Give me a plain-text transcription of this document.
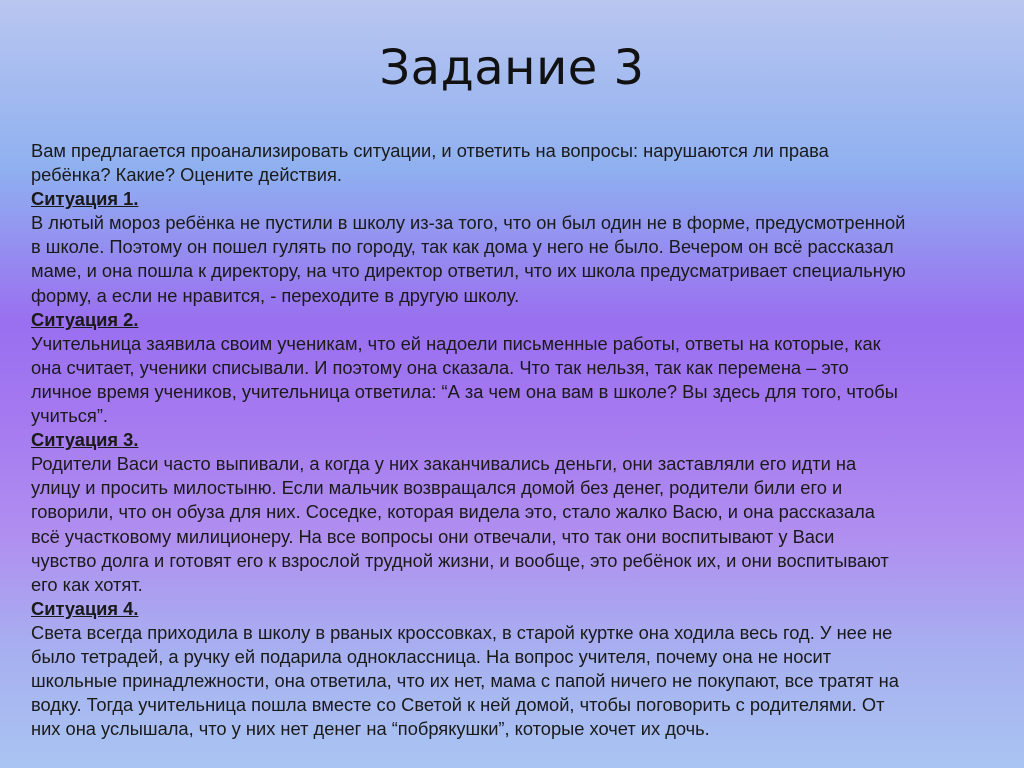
Задание 3

Вам предлагается проанализировать ситуации, и ответить на вопросы: нарушаются ли права

ребёнка? Какие? Оцените действия.

Ситуация 1.

В лютый мороз ребёнка не пустили в школу из-за того, что он был один не в форме, предусмотренной

в школе. Поэтому он пошел гулять по городу, так как дома у него не было. Вечером он всё рассказал

маме, и она пошла к директору, на что директор ответил, что их школа предусматривает специальную

форму, а если не нравится, - переходите в другую школу.

Ситуация 2.

Учительница заявила своим ученикам, что ей надоели письменные работы, ответы на которые, как

она считает, ученики списывали. И поэтому она сказала. Что так нельзя, так как перемена – это

личное время учеников, учительница ответила: “А за чем она вам в школе? Вы здесь для того, чтобы

учиться”.

Ситуация 3.

Родители Васи часто выпивали, а когда у них заканчивались деньги, они заставляли его идти на

улицу и просить милостыню. Если мальчик возвращался домой без денег, родители били его и

говорили, что он обуза для них. Соседке, которая видела это, стало жалко Васю, и она рассказала

всё участковому милиционеру. На все вопросы они отвечали, что так они воспитывают у Васи

чувство долга и готовят его к взрослой трудной жизни, и вообще, это ребёнок их, и они воспитывают

его как хотят.

Ситуация 4.

Света всегда приходила в школу в рваных кроссовках, в старой куртке она ходила весь год. У нее не

было тетрадей, а ручку ей подарила одноклассница. На вопрос учителя, почему она не носит

школьные принадлежности, она ответила, что их нет, мама с папой ничего не покупают, все тратят на

водку. Тогда учительница пошла вместе со Светой к ней домой, чтобы поговорить с родителями. От

них она услышала, что у них нет денег на “побрякушки”, которые хочет их дочь.
